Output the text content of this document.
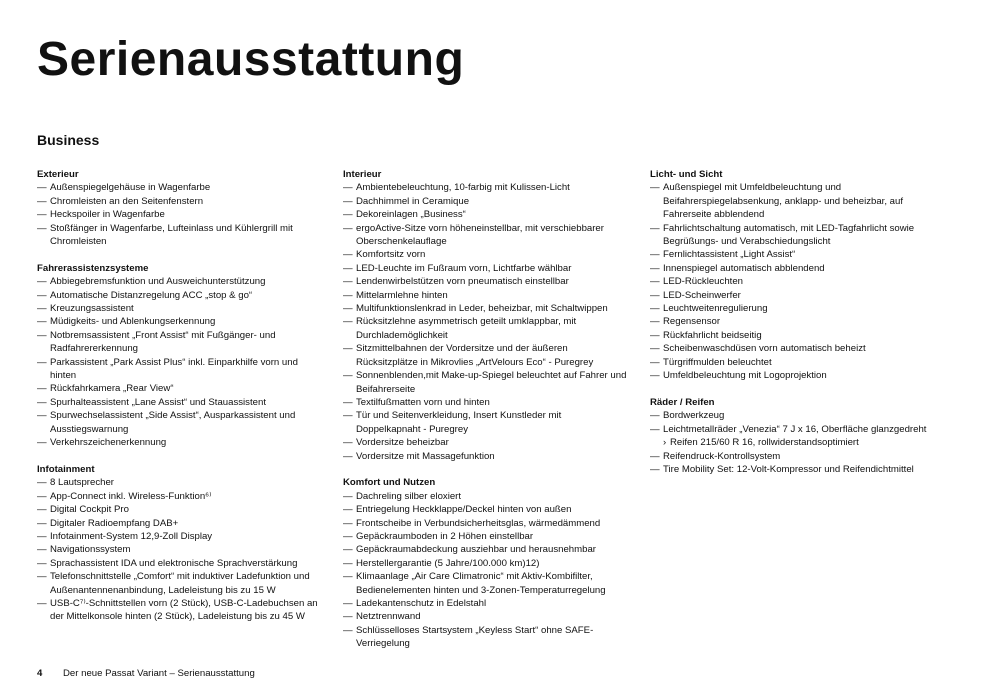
Serienausstattung
Business
Exterieur
— Außenspiegelgehäuse in Wagenfarbe
— Chromleisten an den Seitenfenstern
— Heckspoiler in Wagenfarbe
— Stoßfänger in Wagenfarbe, Lufteinlass und Kühlergrill mit Chromleisten
Fahrerassistenzsysteme
— Abbiegebremsfunktion und Ausweichunterstützung
— Automatische Distanzregelung ACC „stop & go“
— Kreuzungsassistent
— Müdigkeits- und Ablenkungserkennung
— Notbremsassistent „Front Assist“ mit Fußgänger- und Radfahrererkennung
— Parkassistent „Park Assist Plus“ inkl. Einparkhilfe vorn und hinten
— Rückfahrkamera „Rear View“
— Spurhalteassistent „Lane Assist“ und Stauassistent
— Spurwechselassistent „Side Assist“, Ausparkassistent und Ausstiegswarnung
— Verkehrszeichenerkennung
Infotainment
— 8 Lautsprecher
— App-Connect inkl. Wireless-Funktion⁶⁾
— Digital Cockpit Pro
— Digitaler Radioempfang DAB+
— Infotainment-System 12,9-Zoll Display
— Navigationssystem
— Sprachassistent IDA und elektronische Sprachverstärkung
— Telefonschnittstelle „Comfort“ mit induktiver Ladefunktion und Außenantennenanbindung, Ladeleistung bis zu 15 W
— USB-C⁷⁾-Schnittstellen vorn (2 Stück), USB-C-Ladebuchsen an der Mittelkonsole hinten (2 Stück), Ladeleistung bis zu 45 W
Interieur
— Ambientebeleuchtung, 10-farbig mit Kulissen-Licht
— Dachhimmel in Ceramique
— Dekoreinlagen „Business“
— ergoActive-Sitze vorn höheneinstellbar, mit verschiebbarer Oberschenkelauflage
— Komfortsitz vorn
— LED-Leuchte im Fußraum vorn, Lichtfarbe wählbar
— Lendenwirbelstützen vorn pneumatisch einstellbar
— Mittelarmlehne hinten
— Multifunktionslenkrad in Leder, beheizbar, mit Schaltwippen
— Rücksitzlehne asymmetrisch geteilt umklappbar, mit Durchlademöglichkeit
— Sitzmittelbahnen der Vordersitze und der äußeren Rücksitzplätze in Mikrovlies „ArtVelours Eco“ - Puregrey
— Sonnenblenden,mit Make-up-Spiegel beleuchtet auf Fahrer und Beifahrerseite
— Textilfußmatten vorn und hinten
— Tür und Seitenverkleidung, Insert Kunstleder mit Doppelkapnaht - Puregrey
— Vordersitze beheizbar
— Vordersitze mit Massagefunktion
Komfort und Nutzen
— Dachreling silber eloxiert
— Entriegelung Heckklappe/Deckel hinten von außen
— Frontscheibe in Verbundsicherheitsglas, wärmedämmend
— Gepäckraumboden in 2 Höhen einstellbar
— Gepäckraumabdeckung ausziehbar und herausnehmbar
— Herstellergarantie (5 Jahre/100.000 km)12)
— Klimaanlage „Air Care Climatronic“ mit Aktiv-Kombifilter, Bedienelementen hinten und 3-Zonen-Temperaturregelung
— Ladekantenschutz in Edelstahl
— Netztrennwand
— Schlüsselloses Startsystem „Keyless Start“ ohne SAFE-Verriegelung
Licht- und Sicht
— Außenspiegel mit Umfeldbeleuchtung und Beifahrerspiegelabsenkung, anklapp- und beheizbar, auf Fahrerseite abblendend
— Fahrlichtschaltung automatisch, mit LED-Tagfahrlicht sowie Begrüßungs- und Verabschiedungslicht
— Fernlichtassistent „Light Assist“
— Innenspiegel automatisch abblendend
— LED-Rückleuchten
— LED-Scheinwerfer
— Leuchtweitenregulierung
— Regensensor
— Rückfahrlicht beidseitig
— Scheibenwaschdüsen vorn automatisch beheizt
— Türgriffmulden beleuchtet
— Umfeldbeleuchtung mit Logoprojektion
Räder / Reifen
— Bordwerkzeug
— Leichtmetallräder „Venezia“ 7 J x 16, Oberfläche glanzgedreht
› Reifen 215/60 R 16, rollwiderstandsoptimiert
— Reifendruck-Kontrollsystem
— Tire Mobility Set: 12-Volt-Kompressor und Reifendichtmittel
4 Der neue Passat Variant – Serienausstattung
